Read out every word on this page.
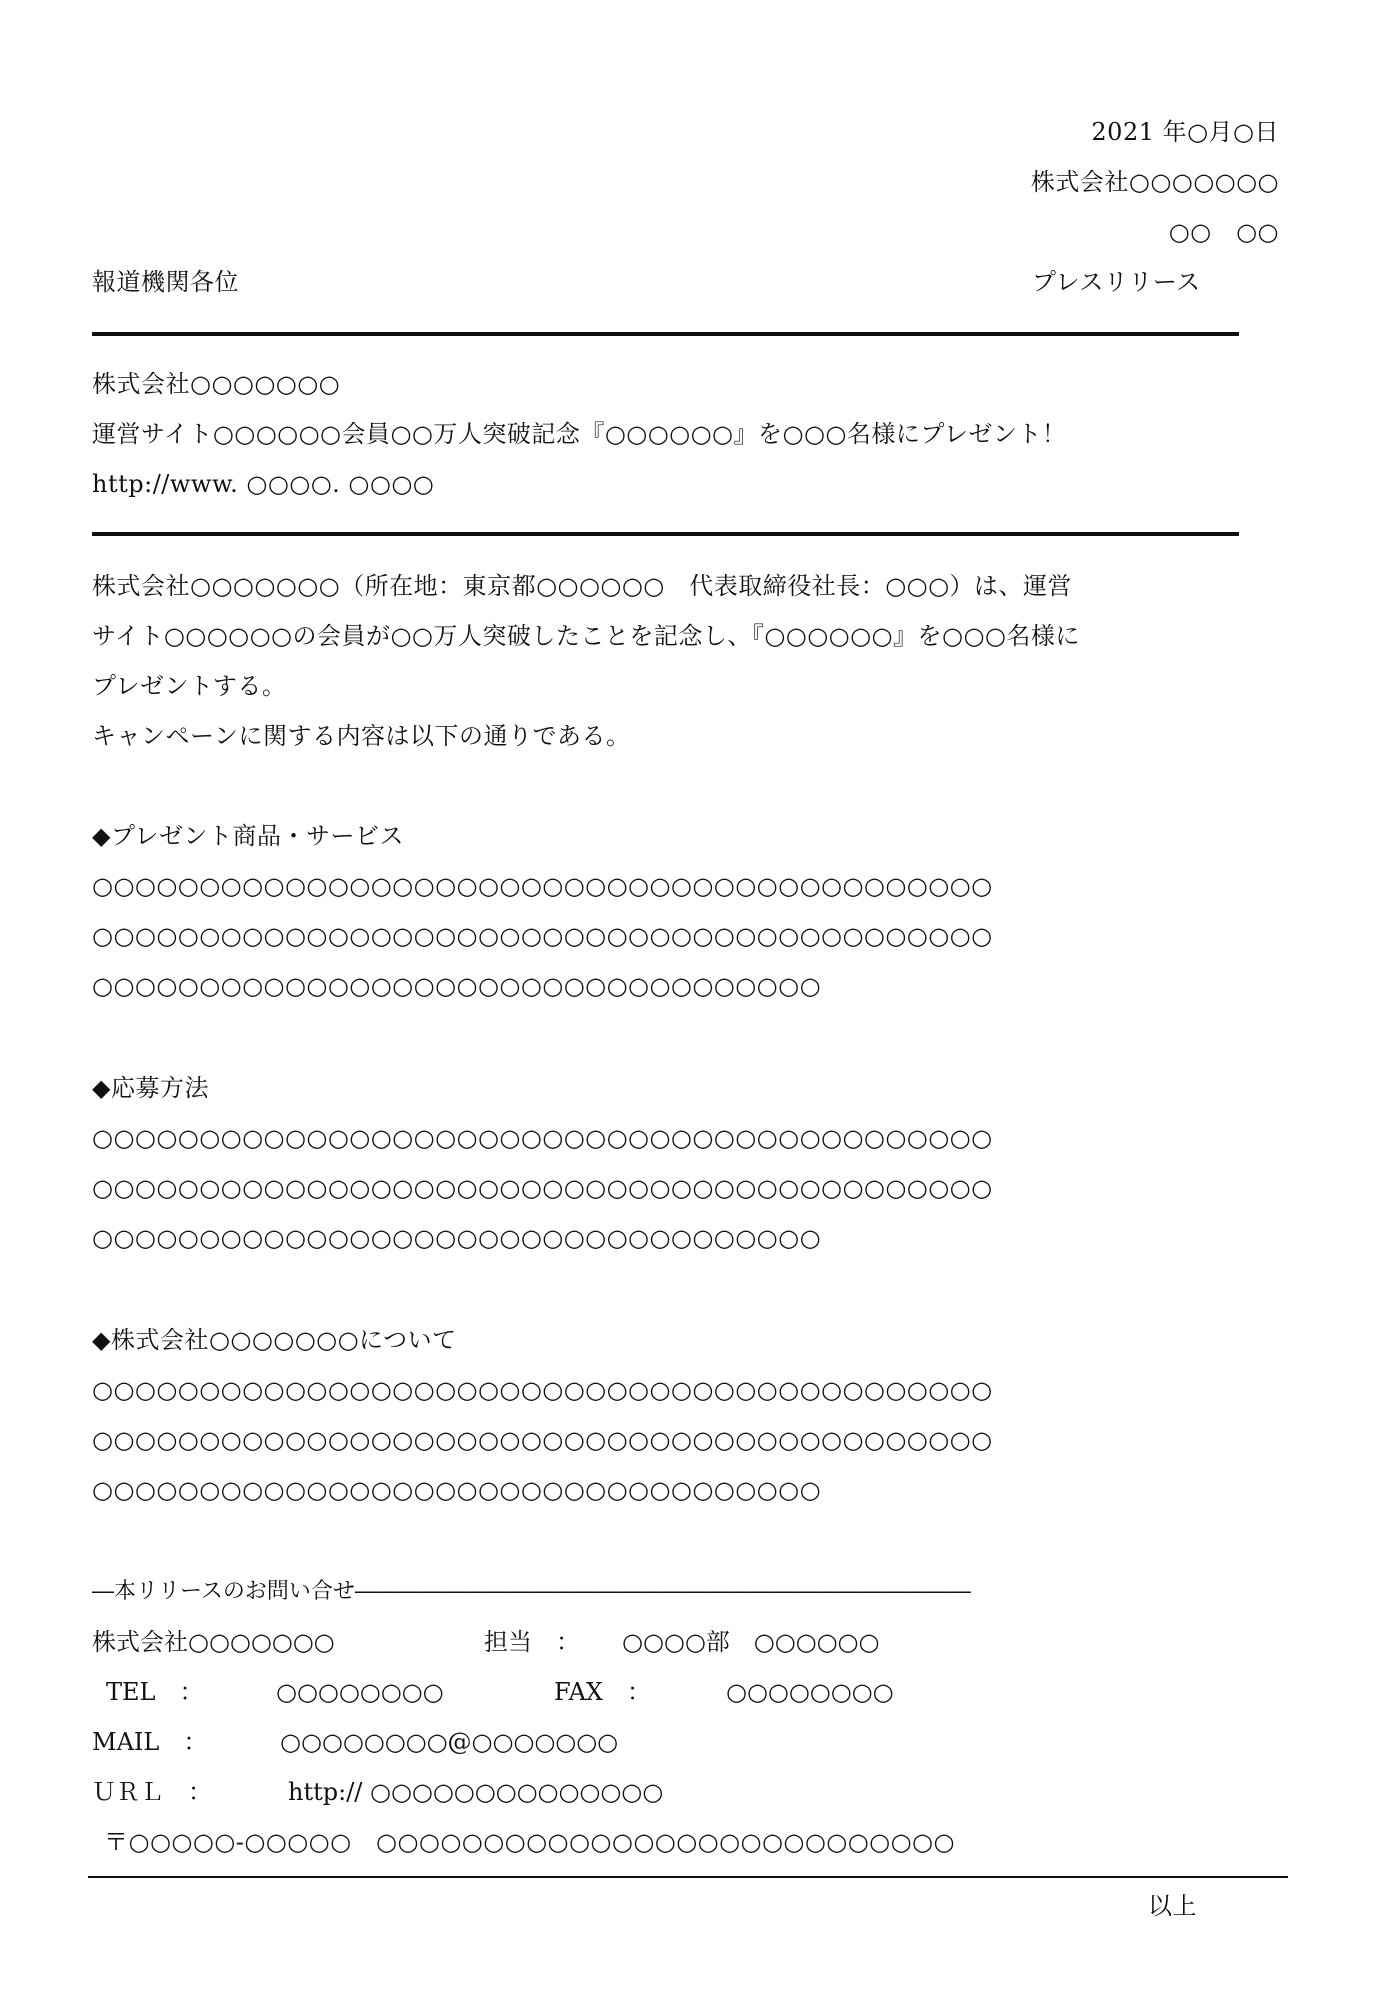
2021 年○月○日
株式会社○○○○○○○
○○　○○
報道機関各位	プレスリリース
株式会社○○○○○○○
運営サイト○○○○○○会員○○万人突破記念『○○○○○○』を○○○名様にプレゼント！
http://www. ○○○○. ○○○○
株式会社○○○○○○○（所在地：東京都○○○○○○　代表取締役社長：○○○）は、運営
サイト○○○○○○の会員が○○万人突破したことを記念し、『○○○○○○』を○○○名様に
プレゼントする。
キャンペーンに関する内容は以下の通りである。
◆プレゼント商品・サービス
○○○○○○○○○○○○○○○○○○○○○○○○○○○○○○○○○○○○○○○○○○
○○○○○○○○○○○○○○○○○○○○○○○○○○○○○○○○○○○○○○○○○○
○○○○○○○○○○○○○○○○○○○○○○○○○○○○○○○○○○
◆応募方法
○○○○○○○○○○○○○○○○○○○○○○○○○○○○○○○○○○○○○○○○○○
○○○○○○○○○○○○○○○○○○○○○○○○○○○○○○○○○○○○○○○○○○
○○○○○○○○○○○○○○○○○○○○○○○○○○○○○○○○○○
◆株式会社○○○○○○○について
○○○○○○○○○○○○○○○○○○○○○○○○○○○○○○○○○○○○○○○○○○
○○○○○○○○○○○○○○○○○○○○○○○○○○○○○○○○○○○○○○○○○○
○○○○○○○○○○○○○○○○○○○○○○○○○○○○○○○○○○
―本リリースのお問い合せ――――――――――――――――――――――――――――
株式会社○○○○○○○	担当　： ○○○○部　○○○○○○
TEL　：	○○○○○○○○	FAX　：	○○○○○○○○
MAIL　：	○○○○○○○○@○○○○○○○
ＵＲＬ　：	http:// ○○○○○○○○○○○○○○
〒○○○○○-○○○○○　○○○○○○○○○○○○○○○○○○○○○○○○○○○
以上
